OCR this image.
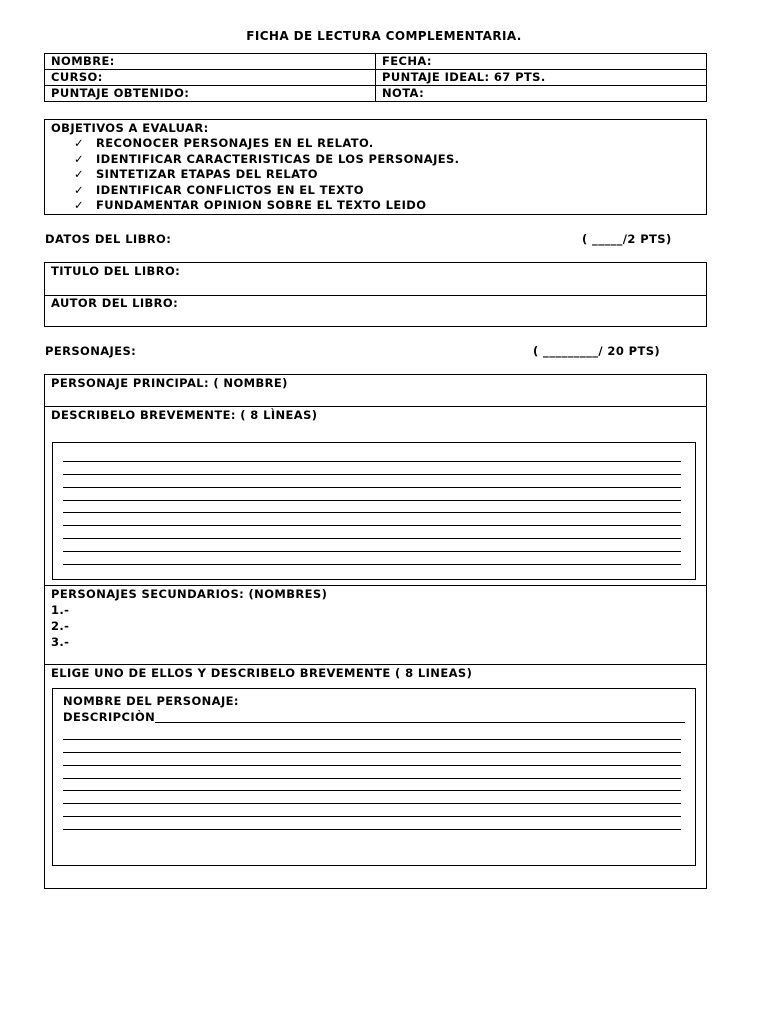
FICHA DE LECTURA COMPLEMENTARIA.
NOMBRE:	FECHA:
CURSO:	PUNTAJE IDEAL: 67 PTS.
PUNTAJE OBTENIDO:	NOTA:
OBJETIVOS A EVALUAR:
✓ RECONOCER PERSONAJES EN EL RELATO.
✓ IDENTIFICAR CARACTERISTICAS DE LOS PERSONAJES.
✓ SINTETIZAR ETAPAS DEL RELATO
✓ IDENTIFICAR CONFLICTOS EN EL TEXTO
✓ FUNDAMENTAR OPINION SOBRE EL TEXTO LEIDO
DATOS DEL LIBRO:	( _____/2 PTS)
TITULO DEL LIBRO:
AUTOR DEL LIBRO:
PERSONAJES:	( _________/ 20 PTS)
PERSONAJE PRINCIPAL: ( NOMBRE)
DESCRIBELO BREVEMENTE: ( 8 LÌNEAS)
PERSONAJES SECUNDARIOS: (NOMBRES)
1.-
2.-
3.-
ELIGE UNO DE ELLOS Y DESCRIBELO BREVEMENTE ( 8 LINEAS)
NOMBRE DEL PERSONAJE:
DESCRIPCIÒN
